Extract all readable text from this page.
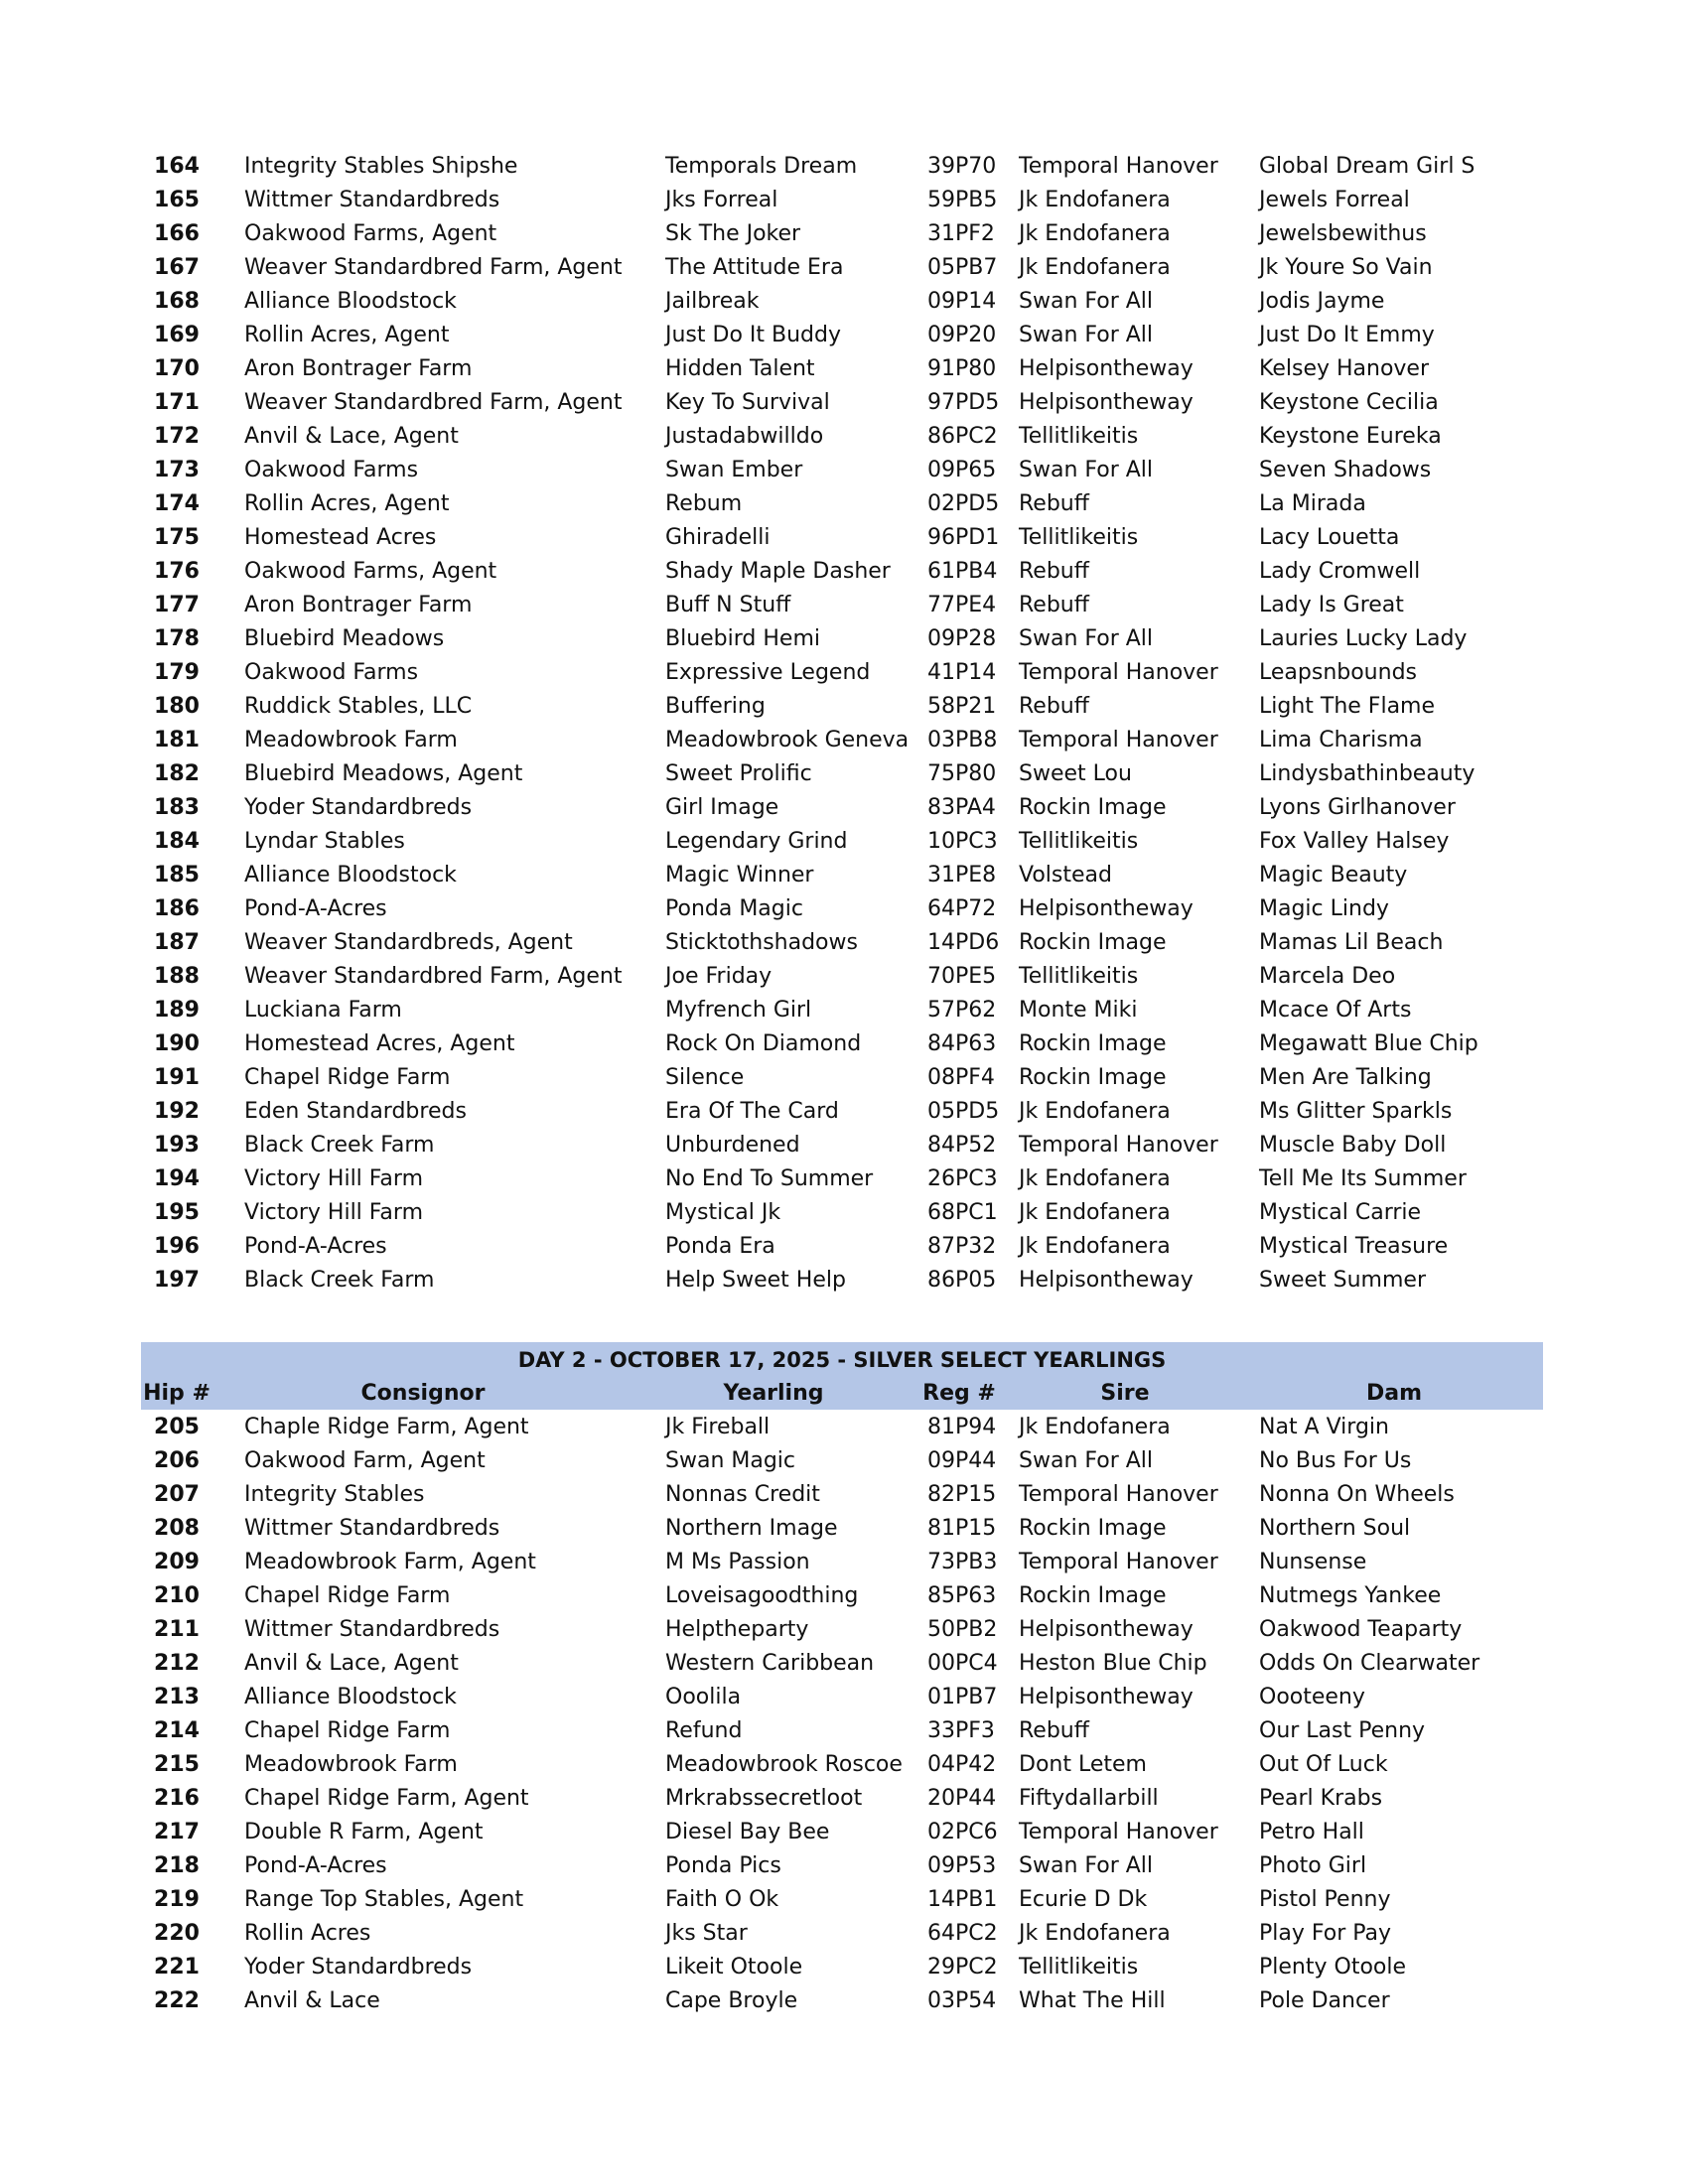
164	Integrity Stables Shipshe	Temporals Dream	39P70	Temporal Hanover	Global Dream Girl S
165	Wittmer Standardbreds	Jks Forreal	59PB5 Jk Endofanera	Jewels Forreal
166	Oakwood Farms, Agent	Sk The Joker	31PF2	Jk Endofanera	Jewelsbewithus
167	Weaver Standardbred Farm, Agent	The Attitude Era	05PB7 Jk Endofanera	Jk Youre So Vain
168	Alliance Bloodstock	Jailbreak	09P14	Swan For All	Jodis Jayme
169	Rollin Acres, Agent	Just Do It Buddy	09P20	Swan For All	Just Do It Emmy
170	Aron Bontrager Farm	Hidden Talent	91P80	Helpisontheway	Kelsey Hanover
171	Weaver Standardbred Farm, Agent	Key To Survival	97PD5 Helpisontheway	Keystone Cecilia
172	Anvil & Lace, Agent	Justadabwilldo	86PC2 Tellitlikeitis	Keystone Eureka
173	Oakwood Farms	Swan Ember	09P65	Swan For All	Seven Shadows
174	Rollin Acres, Agent	Rebum	02PD5 Rebuff	La Mirada
175	Homestead Acres	Ghiradelli	96PD1 Tellitlikeitis	Lacy Louetta
176	Oakwood Farms, Agent	Shady Maple Dasher	61PB4 Rebuff	Lady Cromwell
177	Aron Bontrager Farm	Buff N Stuff	77PE4	Rebuff	Lady Is Great
178	Bluebird Meadows	Bluebird Hemi	09P28	Swan For All	Lauries Lucky Lady
179	Oakwood Farms	Expressive Legend	41P14	Temporal Hanover	Leapsnbounds
180	Ruddick Stables, LLC	Buffering	58P21	Rebuff	Light The Flame
181	Meadowbrook Farm	Meadowbrook Geneva 03PB8 Temporal Hanover	Lima Charisma
182	Bluebird Meadows, Agent	Sweet Prolific	75P80	Sweet Lou	Lindysbathinbeauty
183	Yoder Standardbreds	Girl Image	83PA4	Rockin Image	Lyons Girlhanover
184	Lyndar Stables	Legendary Grind	10PC3 Tellitlikeitis	Fox Valley Halsey
185	Alliance Bloodstock	Magic Winner	31PE8	Volstead	Magic Beauty
186	Pond-A-Acres	Ponda Magic	64P72	Helpisontheway	Magic Lindy
187	Weaver Standardbreds, Agent	Sticktothshadows	14PD6 Rockin Image	Mamas Lil Beach
188	Weaver Standardbred Farm, Agent	Joe Friday	70PE5	Tellitlikeitis	Marcela Deo
189	Luckiana Farm	Myfrench Girl	57P62	Monte Miki	Mcace Of Arts
190	Homestead Acres, Agent	Rock On Diamond	84P63	Rockin Image	Megawatt Blue Chip
191	Chapel Ridge Farm	Silence	08PF4	Rockin Image	Men Are Talking
192	Eden Standardbreds	Era Of The Card	05PD5 Jk Endofanera	Ms Glitter Sparkls
193	Black Creek Farm	Unburdened	84P52	Temporal Hanover	Muscle Baby Doll
194	Victory Hill Farm	No End To Summer	26PC3 Jk Endofanera	Tell Me Its Summer
195	Victory Hill Farm	Mystical Jk	68PC1 Jk Endofanera	Mystical Carrie
196	Pond-A-Acres	Ponda Era	87P32	Jk Endofanera	Mystical Treasure
197	Black Creek Farm	Help Sweet Help	86P05	Helpisontheway	Sweet Summer
DAY 2 - OCTOBER 17, 2025 - SILVER SELECT YEARLINGS
Hip #	Consignor	Yearling	Reg #	Sire	Dam
205	Chaple Ridge Farm, Agent	Jk Fireball	81P94	Jk Endofanera	Nat A Virgin
206	Oakwood Farm, Agent	Swan Magic	09P44	Swan For All	No Bus For Us
207	Integrity Stables	Nonnas Credit	82P15	Temporal Hanover	Nonna On Wheels
208	Wittmer Standardbreds	Northern Image	81P15	Rockin Image	Northern Soul
209	Meadowbrook Farm, Agent	M Ms Passion	73PB3 Temporal Hanover	Nunsense
210	Chapel Ridge Farm	Loveisagoodthing	85P63	Rockin Image	Nutmegs Yankee
211	Wittmer Standardbreds	Helptheparty	50PB2 Helpisontheway	Oakwood Teaparty
212	Anvil & Lace, Agent	Western Caribbean	00PC4 Heston Blue Chip	Odds On Clearwater
213	Alliance Bloodstock	Ooolila	01PB7 Helpisontheway	Oooteeny
214	Chapel Ridge Farm	Refund	33PF3	Rebuff	Our Last Penny
215	Meadowbrook Farm	Meadowbrook Roscoe	04P42	Dont Letem	Out Of Luck
216	Chapel Ridge Farm, Agent	Mrkrabssecretloot	20P44	Fiftydallarbill	Pearl Krabs
217	Double R Farm, Agent	Diesel Bay Bee	02PC6 Temporal Hanover	Petro Hall
218	Pond-A-Acres	Ponda Pics	09P53	Swan For All	Photo Girl
219	Range Top Stables, Agent	Faith O Ok	14PB1 Ecurie D Dk	Pistol Penny
220	Rollin Acres	Jks Star	64PC2 Jk Endofanera	Play For Pay
221	Yoder Standardbreds	Likeit Otoole	29PC2 Tellitlikeitis	Plenty Otoole
222	Anvil & Lace	Cape Broyle	03P54	What The Hill	Pole Dancer
